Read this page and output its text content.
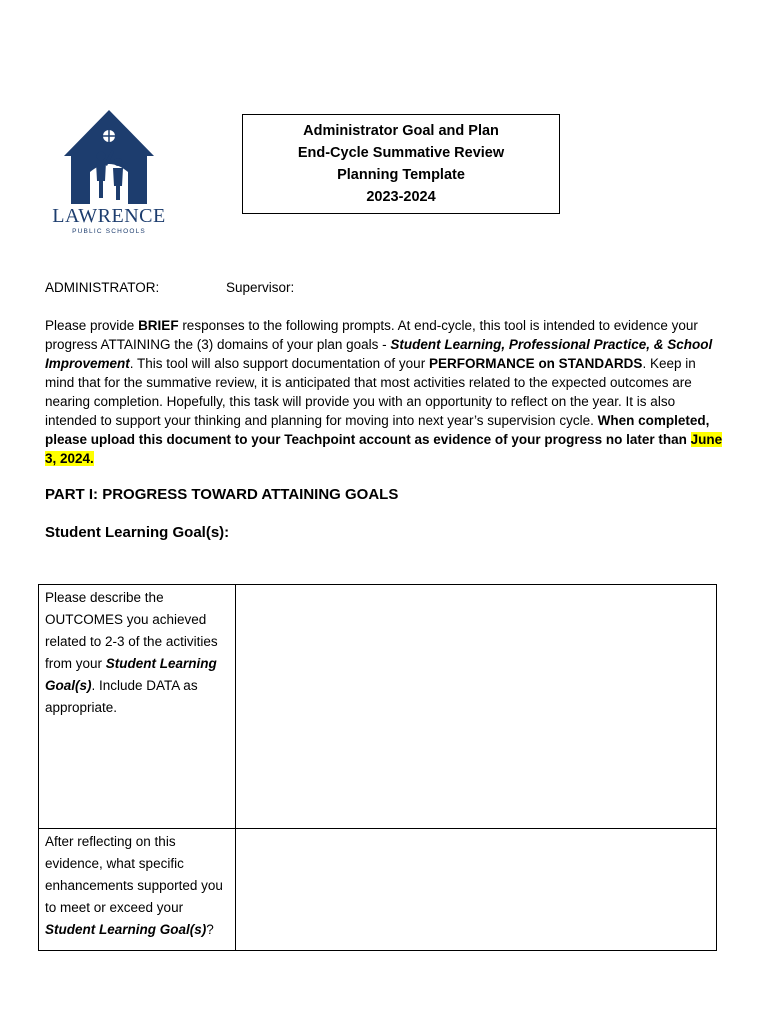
LAWRENCE
PUBLIC SCHOOLS
Administrator Goal and Plan
End-Cycle Summative Review
Planning Template
2023-2024
ADMINISTRATOR:	Supervisor:
Please provide BRIEF responses to the following prompts. At end-cycle, this tool is intended to evidence your progress ATTAINING the (3) domains of your plan goals - Student Learning, Professional Practice, & School Improvement. This tool will also support documentation of your PERFORMANCE on STANDARDS. Keep in mind that for the summative review, it is anticipated that most activities related to the expected outcomes are nearing completion. Hopefully, this task will provide you with an opportunity to reflect on the year. It is also intended to support your thinking and planning for moving into next year’s supervision cycle. When completed, please upload this document to your Teachpoint account as evidence of your progress no later than June 3, 2024.
PART I: PROGRESS TOWARD ATTAINING GOALS
Student Learning Goal(s):
Please describe the OUTCOMES you achieved related to 2-3 of the activities from your Student Learning Goal(s). Include DATA as appropriate.	
After reflecting on this evidence, what specific enhancements supported you to meet or exceed your Student Learning Goal(s)?	
